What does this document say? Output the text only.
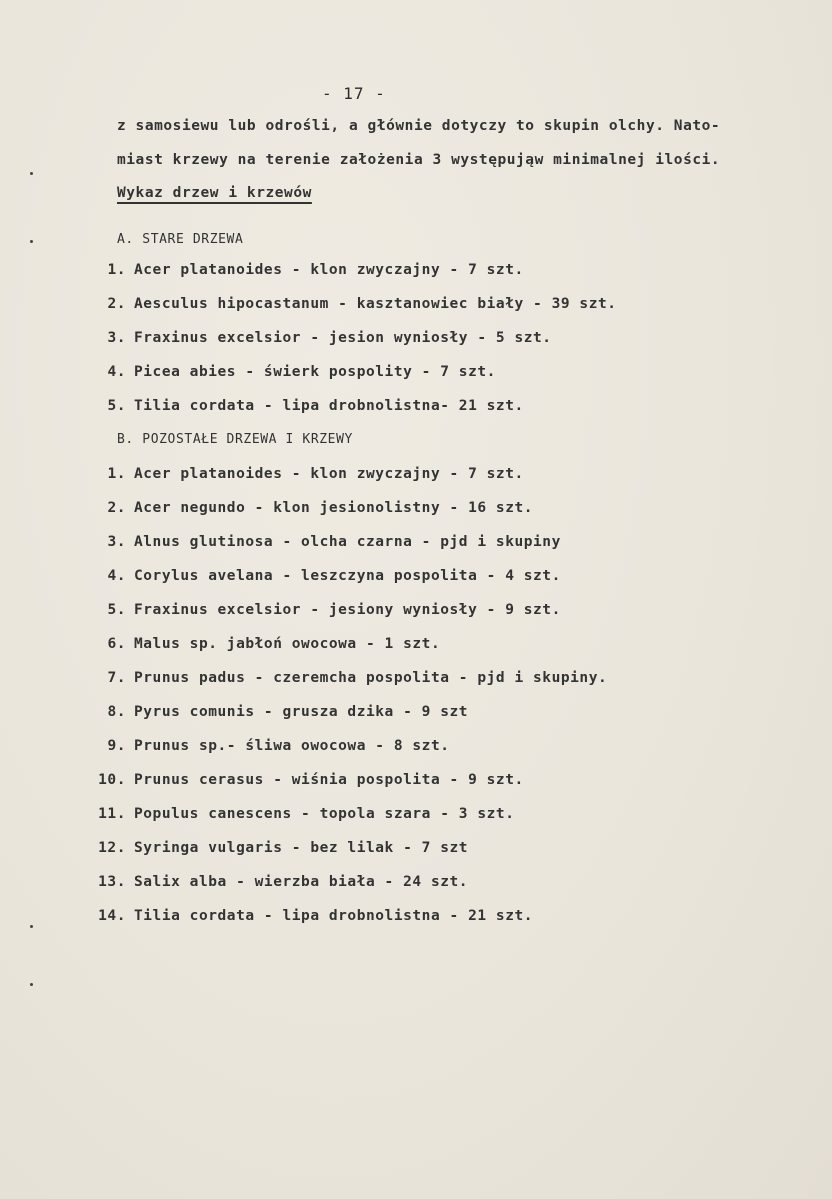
- 17 -
z samosiewu lub odrośli, a głównie dotyczy to skupin olchy. Nato-
miast krzewy na terenie założenia 3 występująw minimalnej ilości.
Wykaz drzew i krzewów
A. STARE DRZEWA
1. Acer platanoides - klon zwyczajny - 7 szt.
2. Aesculus hipocastanum - kasztanowiec biały - 39 szt.
3. Fraxinus excelsior - jesion wyniosły - 5 szt.
4. Picea abies - świerk pospolity - 7 szt.
5. Tilia cordata - lipa drobnolistna- 21 szt.
B. POZOSTAŁE DRZEWA I KRZEWY
1. Acer platanoides - klon zwyczajny - 7 szt.
2. Acer negundo - klon jesionolistny - 16 szt.
3. Alnus glutinosa - olcha czarna - pjd i skupiny
4. Corylus avelana - leszczyna pospolita - 4 szt.
5. Fraxinus excelsior - jesiony wyniosły - 9 szt.
6. Malus sp. jabłoń owocowa - 1 szt.
7. Prunus padus - czeremcha pospolita - pjd i skupiny.
8. Pyrus comunis - grusza dzika - 9 szt
9. Prunus sp.- śliwa owocowa - 8 szt.
10. Prunus cerasus - wiśnia pospolita - 9 szt.
11. Populus canescens - topola szara - 3 szt.
12. Syringa vulgaris - bez lilak - 7 szt
13. Salix alba - wierzba biała - 24 szt.
14. Tilia cordata - lipa drobnolistna - 21 szt.
